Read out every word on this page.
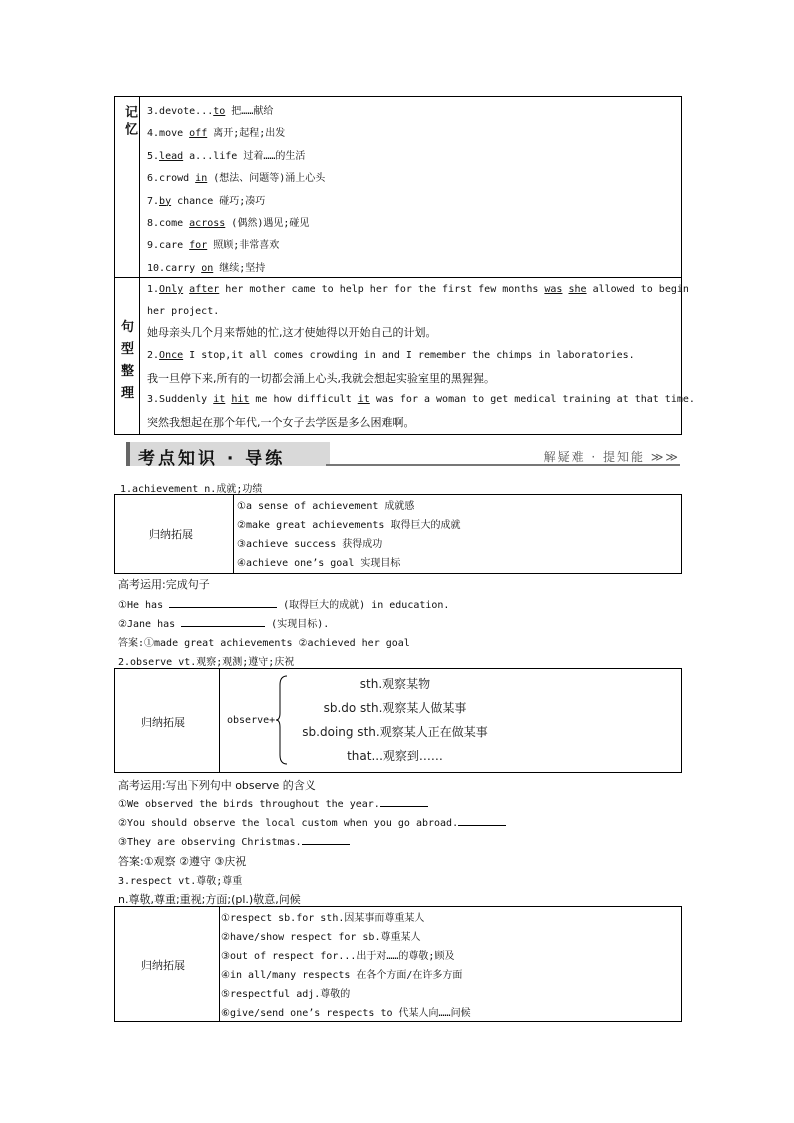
记忆 3.devote...to 把……献给
4.move off 离开;起程;出发
5.lead a...life 过着……的生活
6.crowd in (想法、问题等)涌上心头
7.by chance 碰巧;凑巧
8.come across (偶然)遇见;碰见
9.care for 照顾;非常喜欢
10.carry on 继续;坚持
句
型
整
理
1.Only after her mother came to help her for the first few months was she allowed to begin
her project.
她母亲头几个月来帮她的忙,这才使她得以开始自己的计划。
2.Once I stop,it all comes crowding in and I remember the chimps in laboratories.
我一旦停下来,所有的一切都会涌上心头,我就会想起实验室里的黑猩猩。
3.Suddenly it hit me how difficult it was for a woman to get medical training at that time.
突然我想起在那个年代,一个女子去学医是多么困难啊。
考点知识 · 导练	解疑难 · 提知能 ≫≫
1.achievement n.成就;功绩
归纳拓展
①a sense of achievement 成就感
②make great achievements 取得巨大的成就
③achieve success 获得成功
④achieve one’s goal 实现目标
高考运用:完成句子
①He has	(取得巨大的成就) in education.
②Jane has	(实现目标).
答案:①made great achievements ②achieved her goal
2.observe vt.观察;观测;遵守;庆祝
归纳拓展	observe+
sth.观察某物
sb.do sth.观察某人做某事
sb.doing sth.观察某人正在做某事
that...观察到……
高考运用:写出下列句中 observe 的含义
①We observed the birds throughout the year.
②You should observe the local custom when you go abroad.
③They are observing Christmas.
答案:①观察 ②遵守 ③庆祝
3.respect vt.尊敬;尊重
n.尊敬,尊重;重视;方面;(pl.)敬意,问候
归纳拓展
①respect sb.for sth.因某事而尊重某人
②have/show respect for sb.尊重某人
③out of respect for...出于对……的尊敬;顾及
④in all/many respects 在各个方面/在许多方面
⑤respectful adj.尊敬的
⑥give/send one’s respects to 代某人向……问候
